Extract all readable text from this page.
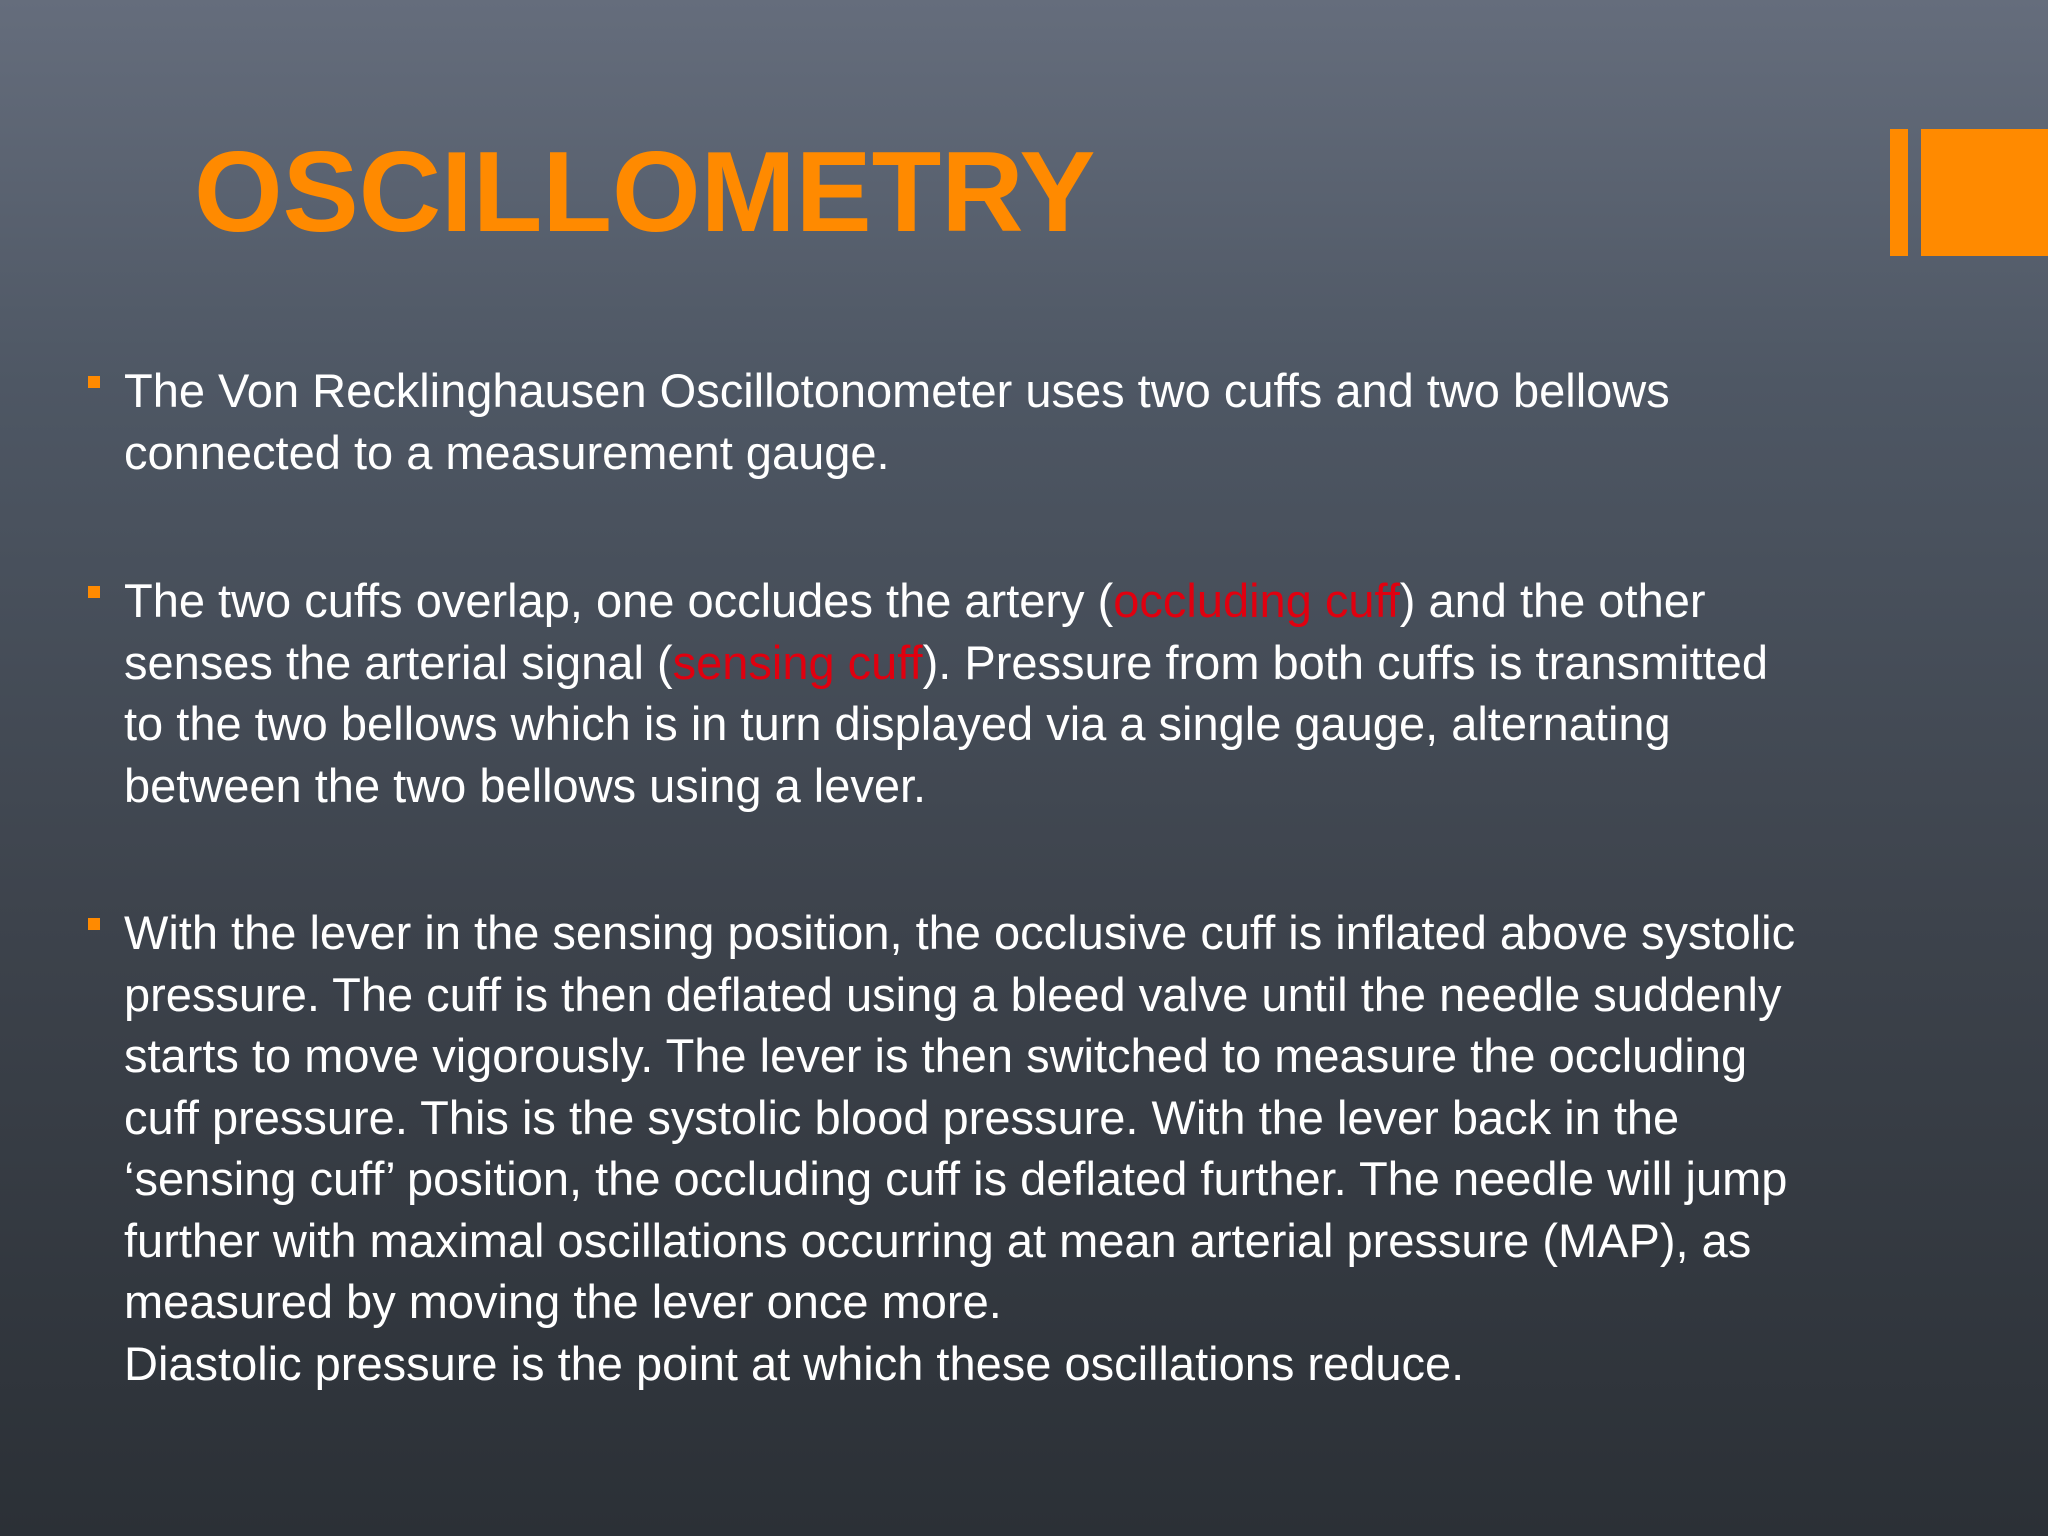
OSCILLOMETRY
The Von Recklinghausen Oscillotonometer uses two cuffs and two bellows
connected to a measurement gauge.
The two cuffs overlap, one occludes the artery (occluding cuff) and the other
senses the arterial signal (sensing cuff). Pressure from both cuffs is transmitted
to the two bellows which is in turn displayed via a single gauge, alternating
between the two bellows using a lever.
With the lever in the sensing position, the occlusive cuff is inflated above systolic
pressure. The cuff is then deflated using a bleed valve until the needle suddenly
starts to move vigorously. The lever is then switched to measure the occluding
cuff pressure. This is the systolic blood pressure. With the lever back in the
‘sensing cuff’ position, the occluding cuff is deflated further. The needle will jump
further with maximal oscillations occurring at mean arterial pressure (MAP), as
measured by moving the lever once more.
Diastolic pressure is the point at which these oscillations reduce.
